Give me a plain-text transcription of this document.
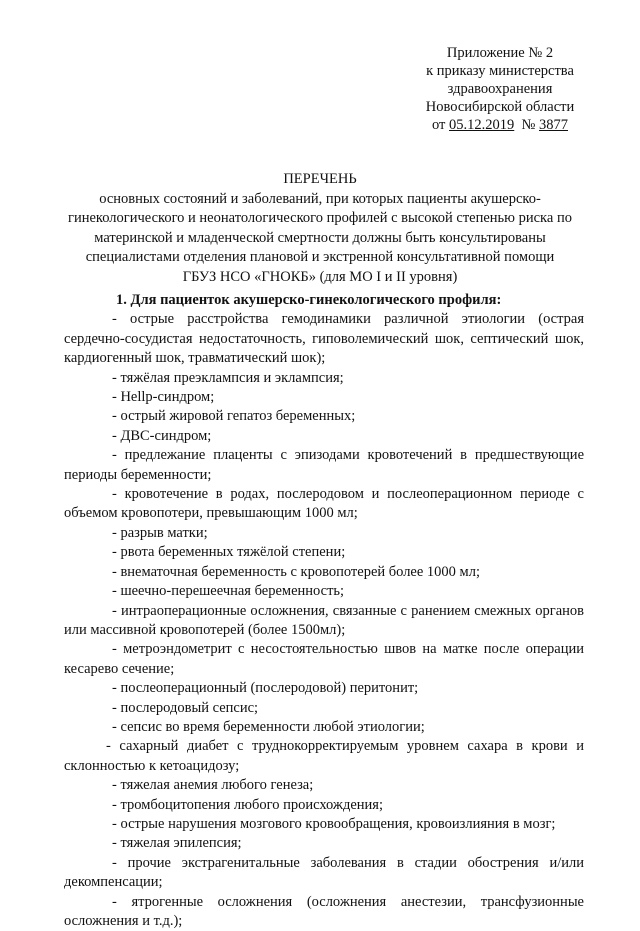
Приложение № 2
к приказу министерства
здравоохранения
Новосибирской области
от 05.12.2019 № 3877
ПЕРЕЧЕНЬ
основных состояний и заболеваний, при которых пациенты акушерско-
гинекологического и неонатологического профилей с высокой степенью риска по
материнской и младенческой смертности должны быть консультированы
специалистами отделения плановой и экстренной консультативной помощи
ГБУЗ НСО «ГНОКБ» (для МО I и II уровня)

1. Для пациенток акушерско-гинекологического профиля:

- острые расстройства гемодинамики различной этиологии (острая сердечно-сосудистая недостаточность, гиповолемический шок, септический шок, кардиогенный шок, травматический шок);

- тяжёлая преэклампсия и эклампсия;

- Hellp-синдром;

- острый жировой гепатоз беременных;

- ДВС-синдром;

- предлежание плаценты с эпизодами кровотечений в предшествующие периоды беременности;

- кровотечение в родах, послеродовом и послеоперационном периоде с объемом кровопотери, превышающим 1000 мл;

- разрыв матки;

- рвота беременных тяжёлой степени;

- внематочная беременность с кровопотерей более 1000 мл;

- шеечно-перешеечная беременность;

- интраоперационные осложнения, связанные с ранением смежных органов или массивной кровопотерей (более 1500мл);

- метроэндометрит с несостоятельностью швов на матке после операции кесарево сечение;

- послеоперационный (послеродовой) перитонит;

- послеродовый сепсис;

- сепсис во время беременности любой этиологии;

- сахарный диабет с труднокорректируемым уровнем сахара в крови и склонностью к кетоацидозу;

- тяжелая анемия любого генеза;

- тромбоцитопения любого происхождения;

- острые нарушения мозгового кровообращения, кровоизлияния в мозг;

- тяжелая эпилепсия;

- прочие экстрагенитальные заболевания в стадии обострения и/или декомпенсации;

- ятрогенные осложнения (осложнения анестезии, трансфузионные осложнения и т.д.);
